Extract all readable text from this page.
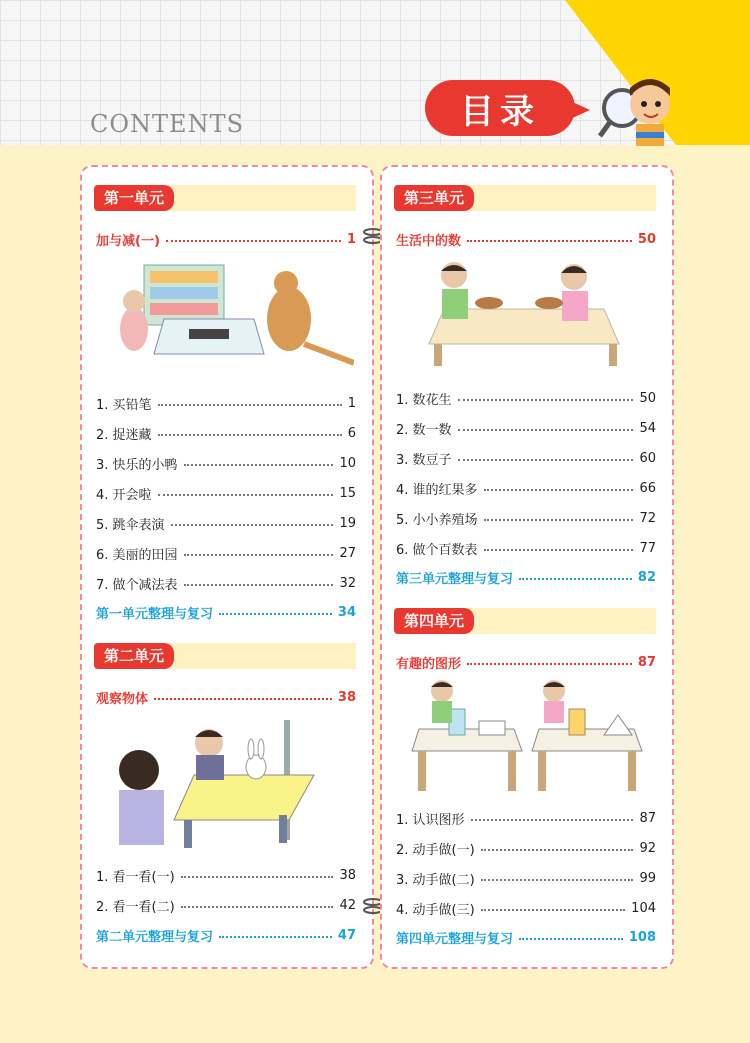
CONTENTS	目录
第一单元
加与减(一)	1
1. 买铅笔	1
2. 捉迷藏	6
3. 快乐的小鸭	10
4. 开会啦	15
5. 跳伞表演	19
6. 美丽的田园	27
7. 做个减法表	32
第一单元整理与复习	34
第二单元
观察物体	38
1. 看一看(一)	38
2. 看一看(二)	42
第二单元整理与复习	47
第三单元
生活中的数	50
1. 数花生	50
2. 数一数	54
3. 数豆子	60
4. 谁的红果多	66
5. 小小养殖场	72
6. 做个百数表	77
第三单元整理与复习	82
第四单元
有趣的图形	87
1. 认识图形	87
2. 动手做(一)	92
3. 动手做(二)	99
4. 动手做(三)	104
第四单元整理与复习	108
